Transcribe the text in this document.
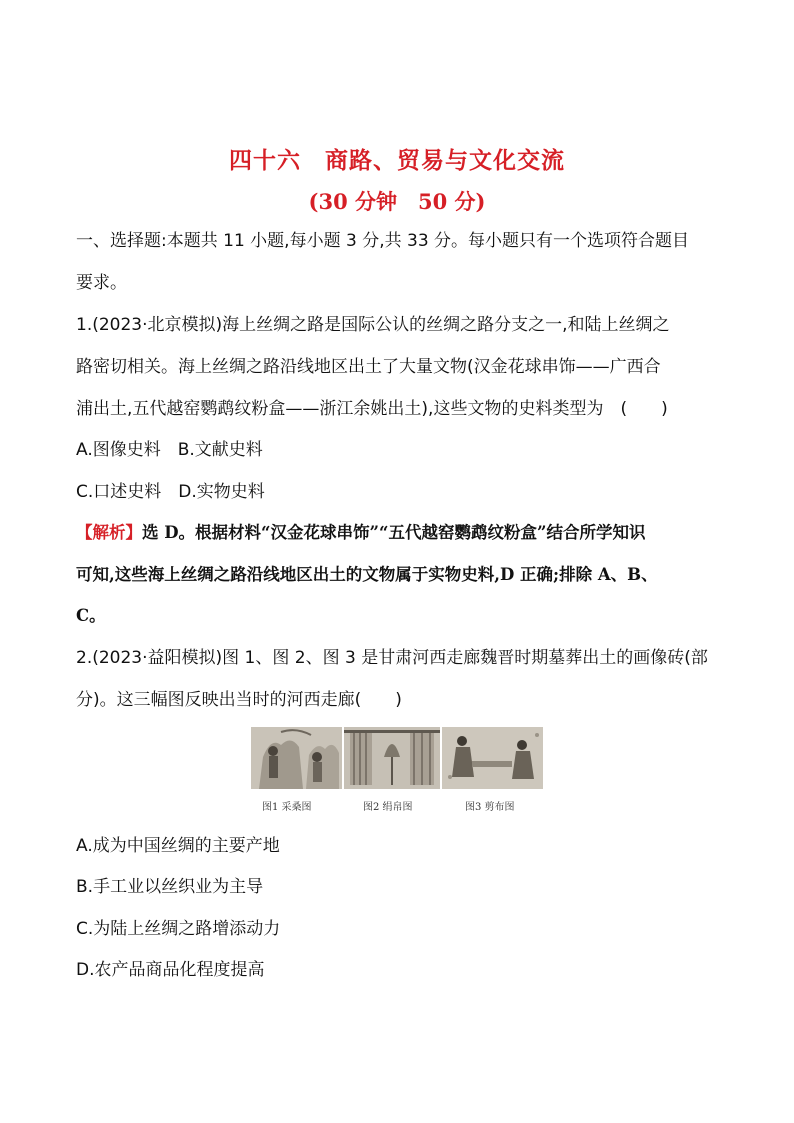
四十六　商路、贸易与文化交流
(30 分钟　50 分)
一、选择题:本题共 11 小题,每小题 3 分,共 33 分。每小题只有一个选项符合题目
要求。
1.(2023·北京模拟)海上丝绸之路是国际公认的丝绸之路分支之一,和陆上丝绸之
路密切相关。海上丝绸之路沿线地区出土了大量文物(汉金花球串饰——广西合
浦出土,五代越窑鹦鹉纹粉盒——浙江余姚出土),这些文物的史料类型为　(　　)
A.图像史料　B.文献史料
C.口述史料　D.实物史料
【解析】选 D。根据材料“汉金花球串饰”“五代越窑鹦鹉纹粉盒”结合所学知识
可知,这些海上丝绸之路沿线地区出土的文物属于实物史料,D 正确;排除 A、B、
C。
2.(2023·益阳模拟)图 1、图 2、图 3 是甘肃河西走廊魏晋时期墓葬出土的画像砖(部
分)。这三幅图反映出当时的河西走廊(　　)
图1 采桑图	图2 绢帛图	图3 剪布图
A.成为中国丝绸的主要产地
B.手工业以丝织业为主导
C.为陆上丝绸之路增添动力
D.农产品商品化程度提高
